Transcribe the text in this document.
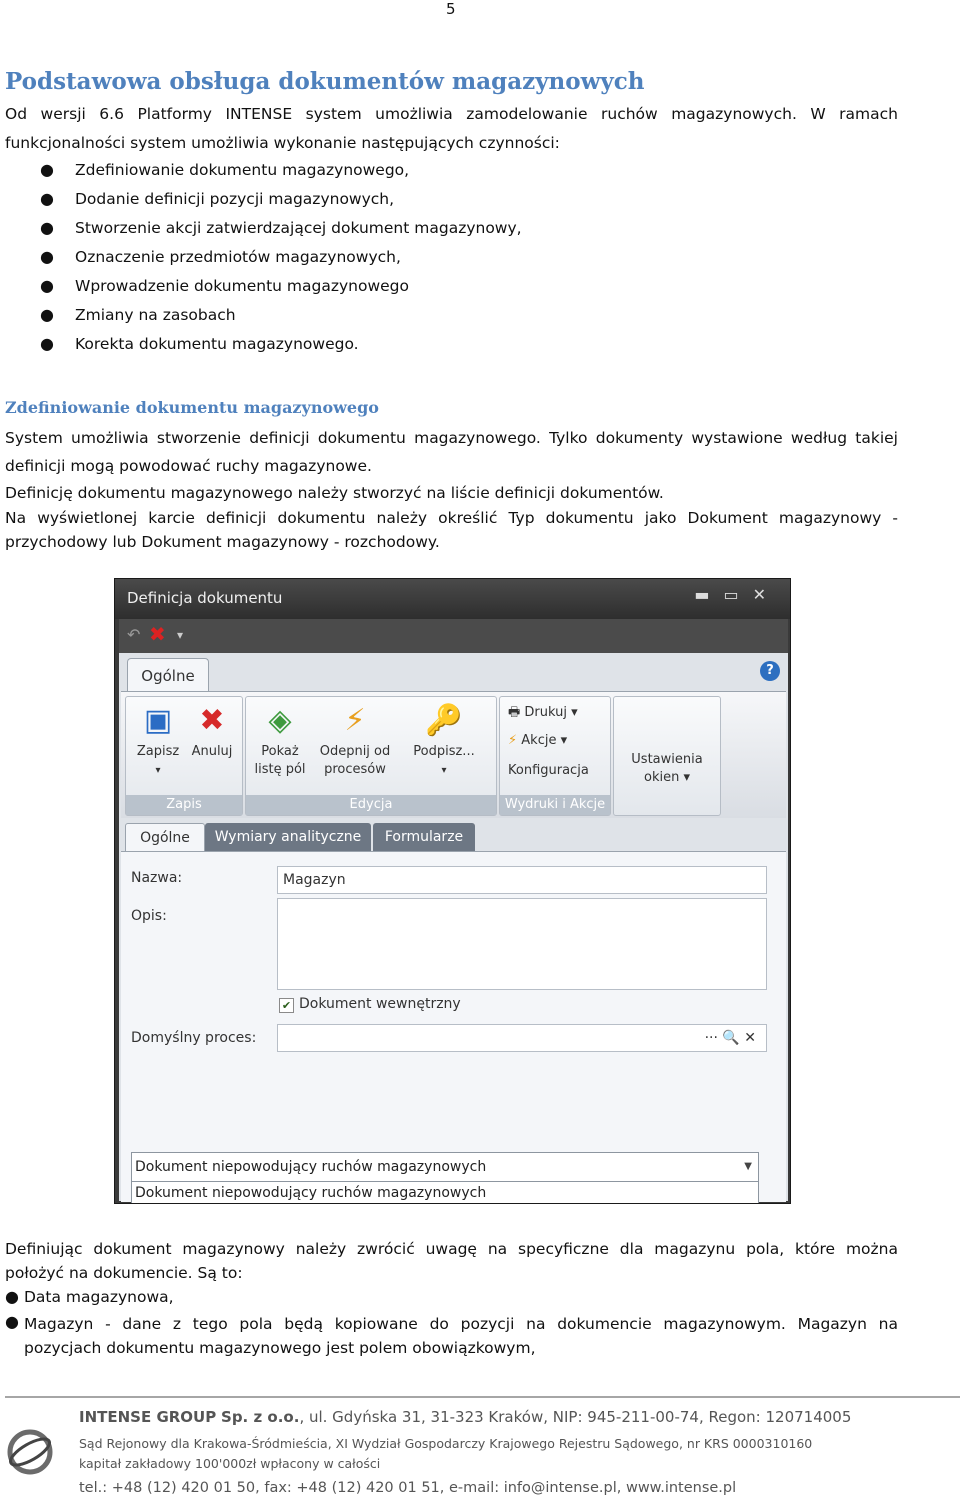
5
Podstawowa obsługa dokumentów magazynowych

Od wersji 6.6 Platformy INTENSE system umożliwia zamodelowanie ruchów magazynowych. W ramach

funkcjonalności system umożliwia wykonanie następujących czynności:

● Zdefiniowanie dokumentu magazynowego,
● Dodanie definicji pozycji magazynowych,
● Stworzenie akcji zatwierdzającej dokument magazynowy,
● Oznaczenie przedmiotów magazynowych,
● Wprowadzenie dokumentu magazynowego
● Zmiany na zasobach
● Korekta dokumentu magazynowego.
Zdefiniowanie dokumentu magazynowego

System umożliwia stworzenie definicji dokumentu magazynowego. Tylko dokumenty wystawione według takiej

definicji mogą powodować ruchy magazynowe.

Definicję dokumentu magazynowego należy stworzyć na liście definicji dokumentów.

Na wyświetlonej karcie definicji dokumentu należy określić Typ dokumentu jako Dokument magazynowy -

przychodowy lub Dokument magazynowy - rozchodowy.

Definicja dokumentu	▬▭✕
↶ ✖ ▾
Ogólne	?
▣
Zapisz
▾
✖
Anuluj
Zapis
◈
Pokaż
listę pól
⚡
Odepnij od
procesów
🔑
Podpisz...
▾
Edycja
🖶 Drukuj ▾
⚡ Akcje ▾
Konfiguracja
Wydruki i Akcje
Ustawienia
okien ▾
Ogólne	Wymiary analityczne	Formularze
Nazwa:	Magazyn
Opis:
✔ Dokument wewnętrzny
Domyślny proces:	··· 🔍 ✕
Dokument niepowodujący ruchów magazynowych	▼
Dokument niepowodujący ruchów magazynowych

Definiując dokument magazynowy należy zwrócić uwagę na specyficzne dla magazynu pola, które można

położyć na dokumencie. Są to:

● Data magazynowa,
● Magazyn - dane z tego pola będą kopiowane do pozycji na dokumencie magazynowym. Magazyn na

pozycjach dokumentu magazynowego jest polem obowiązkowym,

INTENSE GROUP Sp. z o.o., ul. Gdyńska 31, 31-323 Kraków, NIP: 945-211-00-74, Regon: 120714005
Sąd Rejonowy dla Krakowa-Śródmieścia, XI Wydział Gospodarczy Krajowego Rejestru Sądowego, nr KRS 0000310160
kapitał zakładowy 100'000zł wpłacony w całości
tel.: +48 (12) 420 01 50, fax: +48 (12) 420 01 51, e-mail: info@intense.pl, www.intense.pl
